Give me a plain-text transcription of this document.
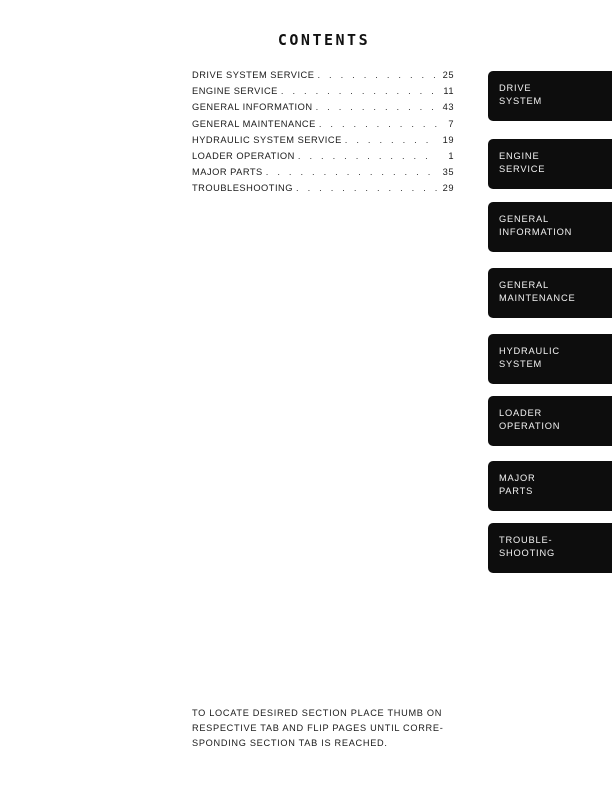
CONTENTS
DRIVE SYSTEM SERVICE . . .	25
ENGINE SERVICE . . .	11
GENERAL INFORMATION . . .	43
GENERAL MAINTENANCE . . .	7
HYDRAULIC SYSTEM SERVICE . . .	19
LOADER OPERATION . . .	1
MAJOR PARTS . . .	35
TROUBLESHOOTING . . .	29
DRIVE
SYSTEM
ENGINE
SERVICE
GENERAL
INFORMATION
GENERAL
MAINTENANCE
HYDRAULIC
SYSTEM
LOADER
OPERATION
MAJOR
PARTS
TROUBLE-
SHOOTING
TO LOCATE DESIRED SECTION PLACE THUMB ON
RESPECTIVE TAB AND FLIP PAGES UNTIL CORRE-
SPONDING SECTION TAB IS REACHED.
